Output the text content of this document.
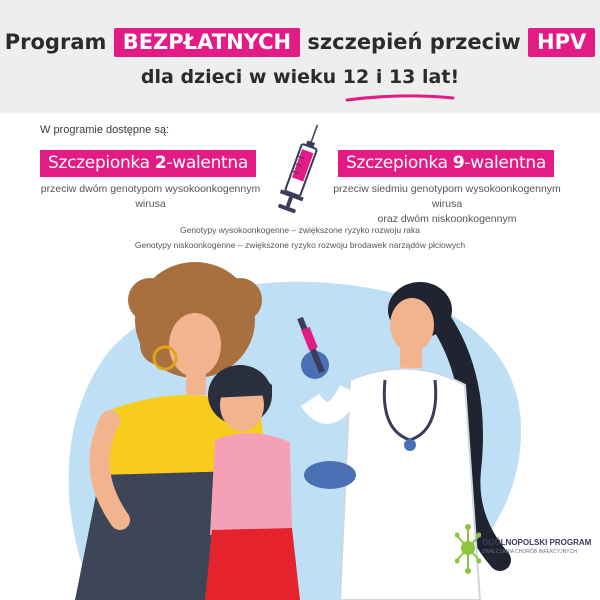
Program BEZPŁATNYCH szczepień przeciw HPV
dla dzieci w wieku 12 i 13 lat!
W programie dostępne są:
Szczepionka 2-walentna
przeciw dwóm genotypom wysokoonkogennym wirusa
Szczepionka 9-walentna
przeciw siedmiu genotypom wysokoonkogennym wirusa
oraz dwóm niskoonkogennym
Genotypy wysokoonkogenne – zwiększone ryzyko rozwoju raka
Genotypy niskoonkogenne – zwiększone ryzyko rozwoju brodawek narządów płciowych
OGÓLNOPOLSKI PROGRAM
ZWALCZANIA CHORÓB INFEKCYJNYCH
